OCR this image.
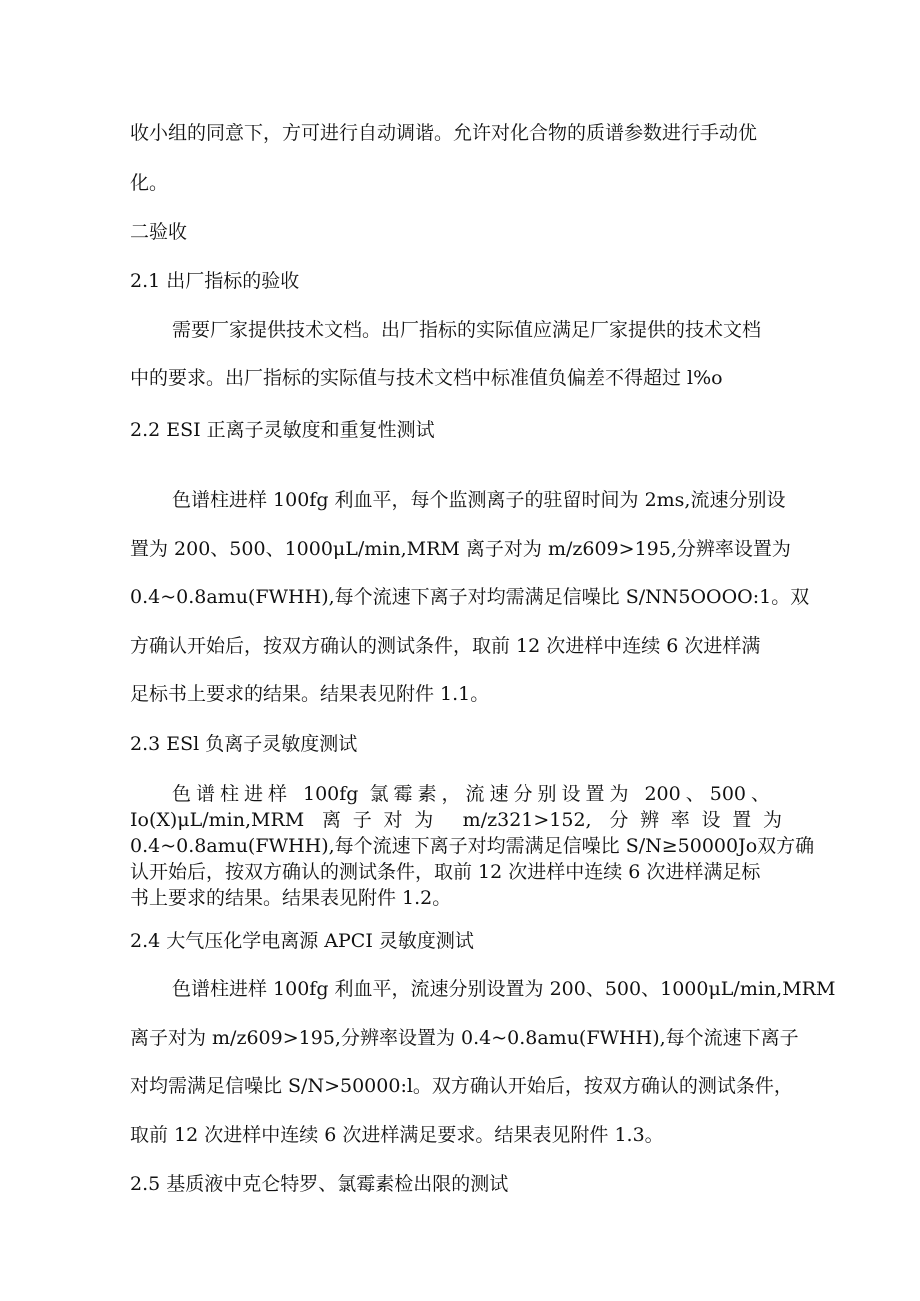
收小组的同意下，方可进行自动调谐。允许对化合物的质谱参数进行手动优

化。

二验收

2.1 出厂指标的验收

需要厂家提供技术文档。出厂指标的实际值应满足厂家提供的技术文档

中的要求。出厂指标的实际值与技术文档中标准值负偏差不得超过 l%o

2.2 ESI 正离子灵敏度和重复性测试

色谱柱进样 100fg 利血平，每个监测离子的驻留时间为 2ms,流速分别设

置为 200、500、1000μL∕min,MRM 离子对为 m/z609>195,分辨率设置为

0.4~0.8amu(FWHH),每个流速下离子对均需满足信噪比 S/NN5OOOO:1。双

方确认开始后，按双方确认的测试条件，取前 12 次进样中连续 6 次进样满

足标书上要求的结果。结果表见附件 1.1。

2.3 ESl 负离子灵敏度测试

色谱柱进样 100fg 氯霉素，流速分别设置为 200、500、

Io(X)μL∕min,MRM 离子对为 m/z321>152, 分辨率设置为

0.4~0.8amu(FWHH),每个流速下离子对均需满足信噪比 S∕N≥50000Jo双方确

认开始后，按双方确认的测试条件，取前 12 次进样中连续 6 次进样满足标

书上要求的结果。结果表见附件 1.2。

2.4 大气压化学电离源 APCI 灵敏度测试

色谱柱进样 100fg 利血平，流速分别设置为 200、500、1000μL∕min,MRM

离子对为 m/z609>195,分辨率设置为 0.4~0.8amu(FWHH),每个流速下离子

对均需满足信噪比 S/N>50000:l。双方确认开始后，按双方确认的测试条件，

取前 12 次进样中连续 6 次进样满足要求。结果表见附件 1.3。

2.5 基质液中克仑特罗、氯霉素检出限的测试
